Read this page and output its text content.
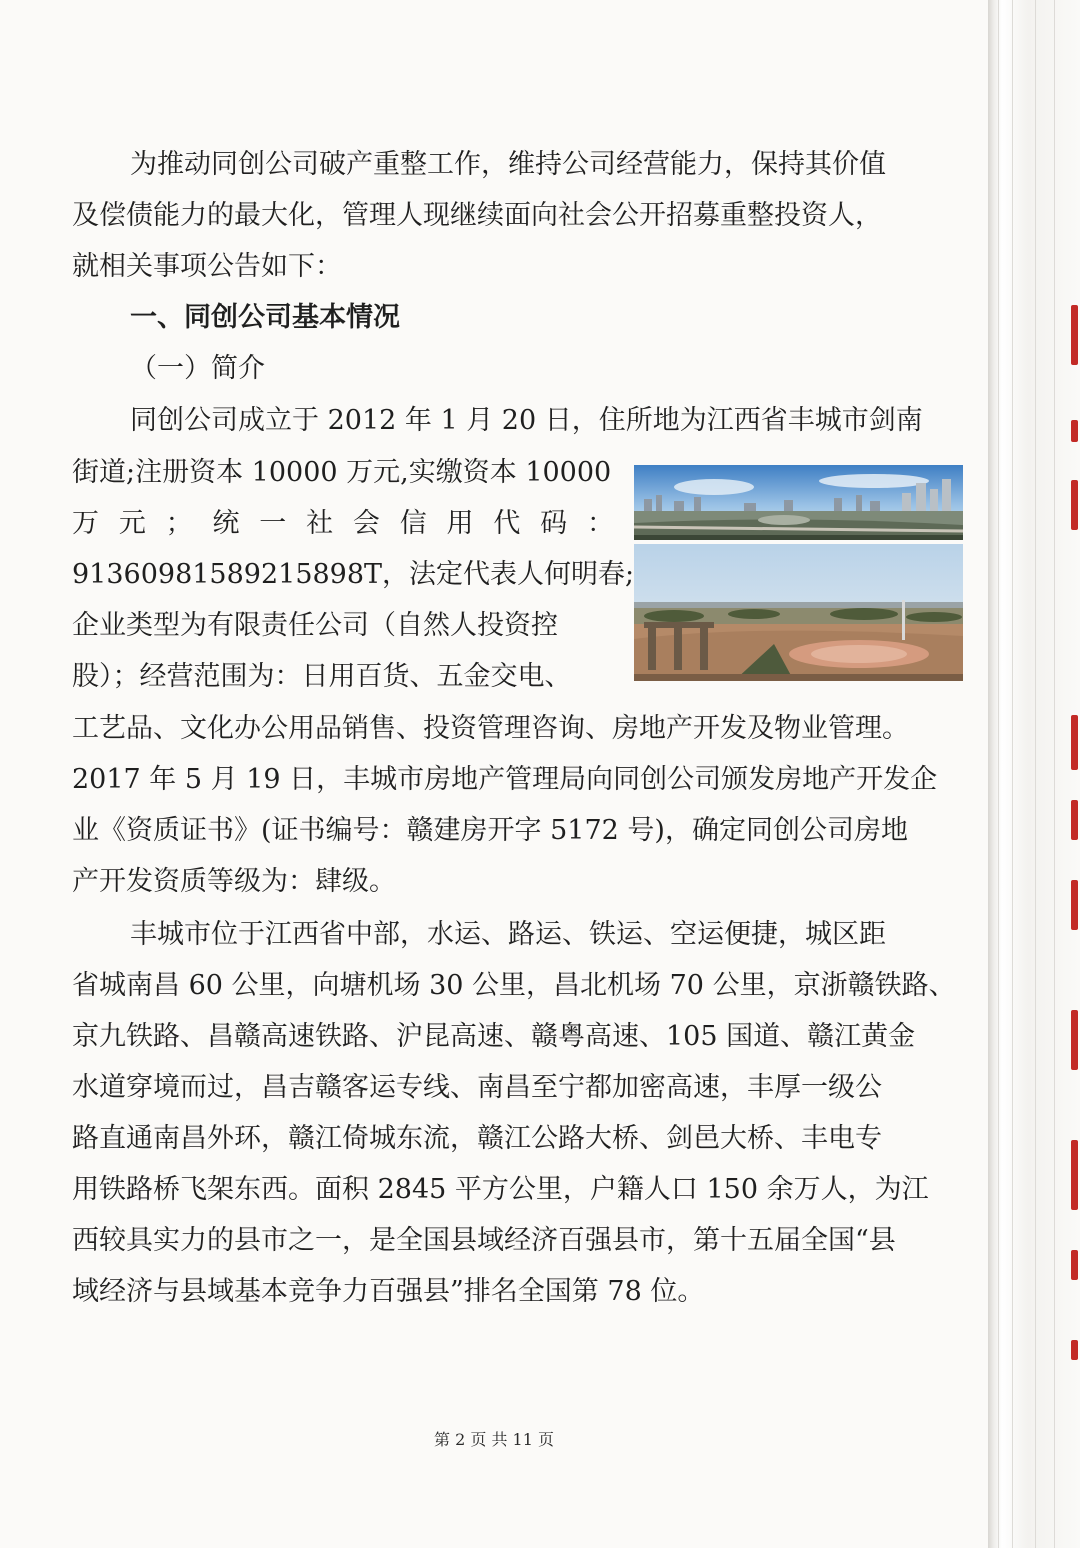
为推动同创公司破产重整工作，维持公司经营能力，保持其价值
及偿债能力的最大化，管理人现继续面向社会公开招募重整投资人，
就相关事项公告如下：
一、同创公司基本情况
（一）简介
同创公司成立于 2012 年 1 月 20 日，住所地为江西省丰城市剑南
街道;注册资本 10000 万元,实缴资本 10000
万 元 ； 统 一 社 会 信 用 代 码 ：
91360981589215898T，法定代表人何明春;
企业类型为有限责任公司（自然人投资控
股）；经营范围为：日用百货、五金交电、
工艺品、文化办公用品销售、投资管理咨询、房地产开发及物业管理。
2017 年 5 月 19 日，丰城市房地产管理局向同创公司颁发房地产开发企
业《资质证书》(证书编号：赣建房开字 5172 号)，确定同创公司房地
产开发资质等级为：肆级。
丰城市位于江西省中部，水运、路运、铁运、空运便捷，城区距
省城南昌 60 公里，向塘机场 30 公里，昌北机场 70 公里，京浙赣铁路、
京九铁路、昌赣高速铁路、沪昆高速、赣粤高速、105 国道、赣江黄金
水道穿境而过，昌吉赣客运专线、南昌至宁都加密高速，丰厚一级公
路直通南昌外环，赣江倚城东流，赣江公路大桥、剑邑大桥、丰电专
用铁路桥飞架东西。面积 2845 平方公里，户籍人口 150 余万人，为江
西较具实力的县市之一，是全国县域经济百强县市，第十五届全国“县
域经济与县域基本竞争力百强县”排名全国第 78 位。
第 2 页 共 11 页
